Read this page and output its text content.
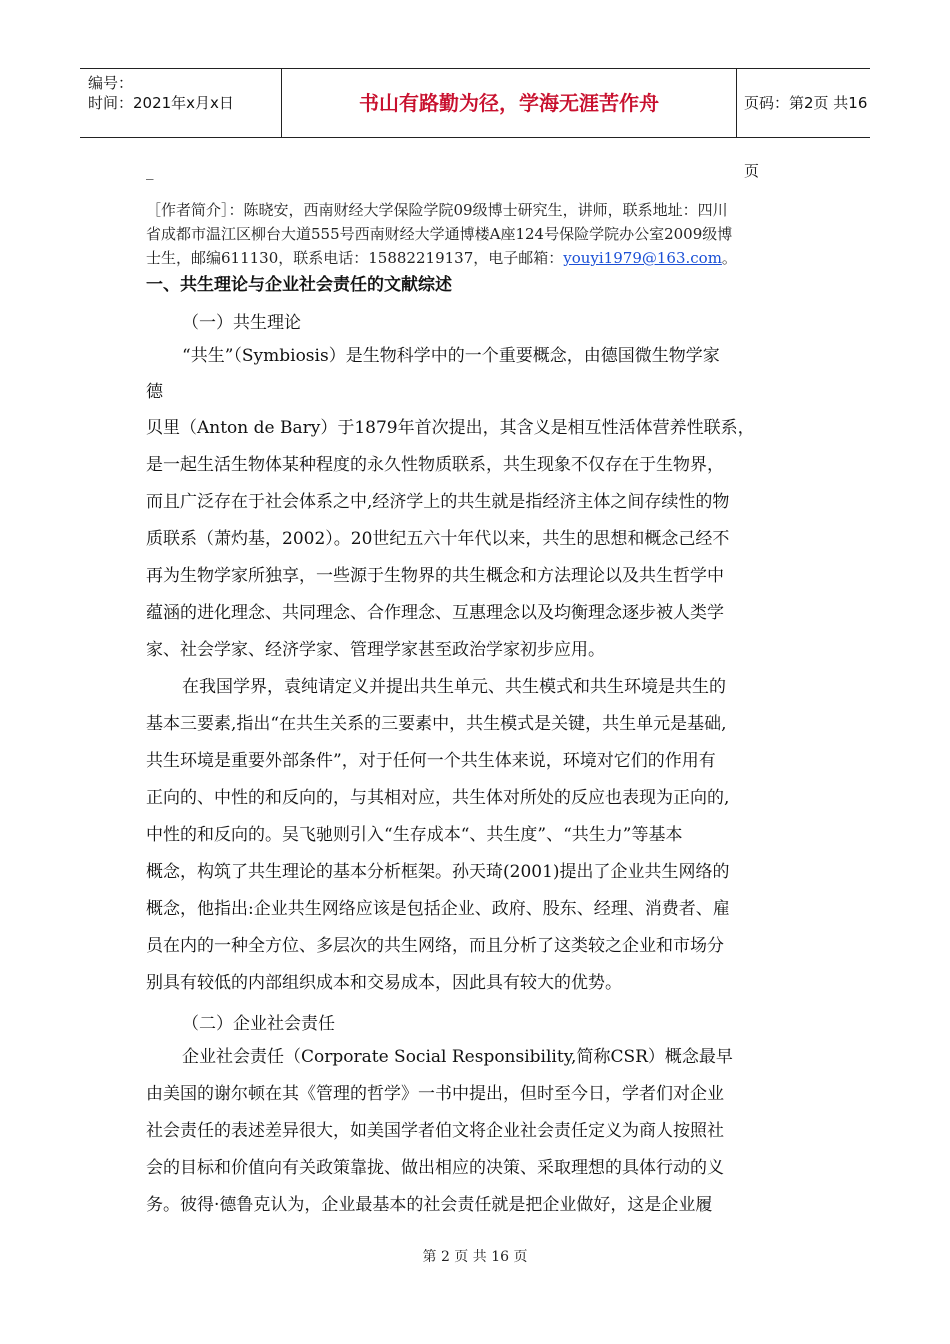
编号：
时间：2021年x月x日	书山有路勤为径，学海无涯苦作舟	页码：第2页 共16页
_
［作者简介］：陈晓安，西南财经大学保险学院09级博士研究生，讲师，联系地址：四川
省成都市温江区柳台大道555号西南财经大学通博楼A座124号保险学院办公室2009级博
士生，邮编611130，联系电话：15882219137，电子邮箱：youyi1979@163.com。
一、共生理论与企业社会责任的文献综述
（一）共生理论
“共生”（Symbiosis）是生物科学中的一个重要概念，由德国微生物学家
德
贝里（Anton de Bary）于1879年首次提出，其含义是相互性活体营养性联系，
是一起生活生物体某种程度的永久性物质联系，共生现象不仅存在于生物界，
而且广泛存在于社会体系之中,经济学上的共生就是指经济主体之间存续性的物
质联系（萧灼基，2002）。20世纪五六十年代以来，共生的思想和概念己经不
再为生物学家所独享，一些源于生物界的共生概念和方法理论以及共生哲学中
蕴涵的进化理念、共同理念、合作理念、互惠理念以及均衡理念逐步被人类学
家、社会学家、经济学家、管理学家甚至政治学家初步应用。
在我国学界，袁纯请定义并提出共生单元、共生模式和共生环境是共生的
基本三要素,指出“在共生关系的三要素中，共生模式是关键，共生单元是基础,
共生环境是重要外部条件”，对于任何一个共生体来说，环境对它们的作用有
正向的、中性的和反向的，与其相对应，共生体对所处的反应也表现为正向的,
中性的和反向的。吴飞驰则引入“生存成本“、共生度”、“共生力”等基本
概念，构筑了共生理论的基本分析框架。孙天琦(2001)提出了企业共生网络的
概念，他指出:企业共生网络应该是包括企业、政府、股东、经理、消费者、雇
员在内的一种全方位、多层次的共生网络，而且分析了这类较之企业和市场分
别具有较低的内部组织成本和交易成本，因此具有较大的优势。
（二）企业社会责任
企业社会责任（Corporate Social Responsibility,简称CSR）概念最早
由美国的谢尔顿在其《管理的哲学》一书中提出，但时至今日，学者们对企业
社会责任的表述差异很大，如美国学者伯文将企业社会责任定义为商人按照社
会的目标和价值向有关政策靠拢、做出相应的决策、采取理想的具体行动的义
务。彼得·德鲁克认为，企业最基本的社会责任就是把企业做好，这是企业履
第 2 页 共 16 页
